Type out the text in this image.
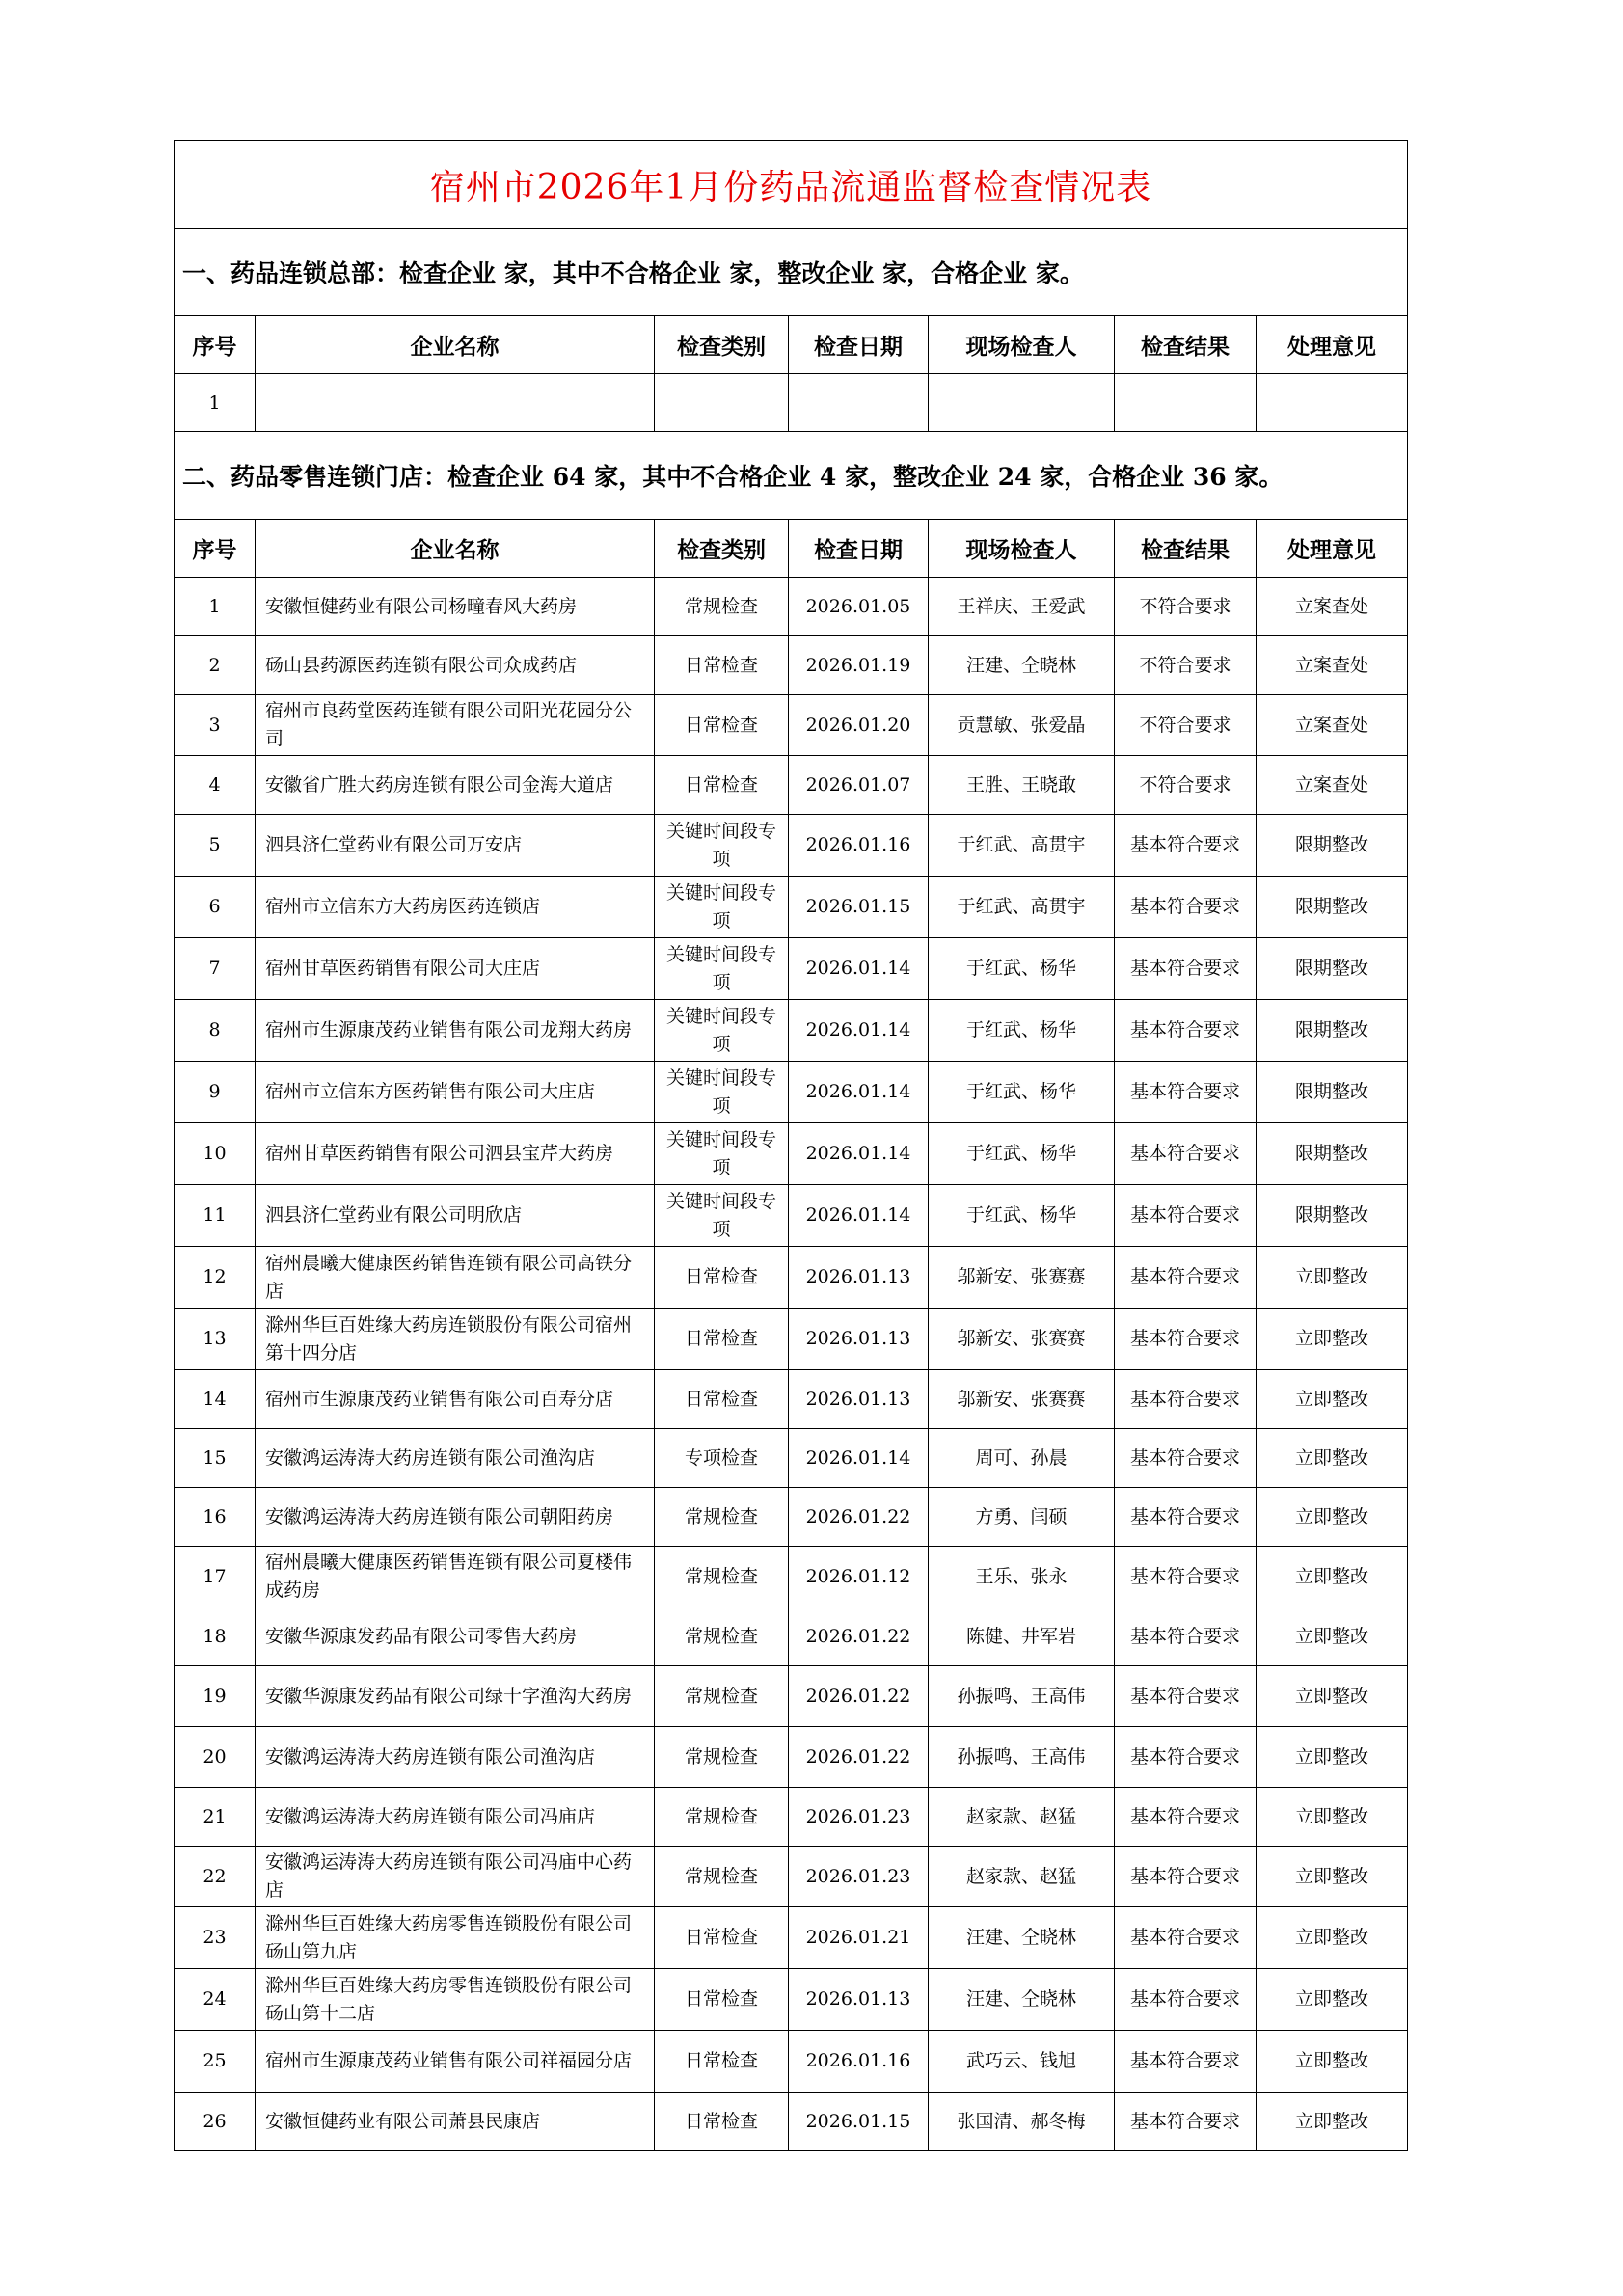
宿州市2026年1月份药品流通监督检查情况表						
一、药品连锁总部：检查企业 家，其中不合格企业 家，整改企业 家，合格企业 家。						
序号	企业名称	检查类别	检查日期	现场检查人	检查结果	处理意见
1						
二、药品零售连锁门店：检查企业 64 家，其中不合格企业 4 家，整改企业 24 家，合格企业 36 家。						
序号	企业名称	检查类别	检查日期	现场检查人	检查结果	处理意见
1	安徽恒健药业有限公司杨疃春风大药房	常规检查	2026.01.05	王祥庆、王爱武	不符合要求	立案查处
2	砀山县药源医药连锁有限公司众成药店	日常检查	2026.01.19	汪建、仝晓林	不符合要求	立案查处
3	宿州市良药堂医药连锁有限公司阳光花园分公司	日常检查	2026.01.20	贡慧敏、张爱晶	不符合要求	立案查处
4	安徽省广胜大药房连锁有限公司金海大道店	日常检查	2026.01.07	王胜、王晓敢	不符合要求	立案查处
5	泗县济仁堂药业有限公司万安店	关键时间段专项	2026.01.16	于红武、高贯宇	基本符合要求	限期整改
6	宿州市立信东方大药房医药连锁店	关键时间段专项	2026.01.15	于红武、高贯宇	基本符合要求	限期整改
7	宿州甘草医药销售有限公司大庄店	关键时间段专项	2026.01.14	于红武、杨华	基本符合要求	限期整改
8	宿州市生源康茂药业销售有限公司龙翔大药房	关键时间段专项	2026.01.14	于红武、杨华	基本符合要求	限期整改
9	宿州市立信东方医药销售有限公司大庄店	关键时间段专项	2026.01.14	于红武、杨华	基本符合要求	限期整改
10	宿州甘草医药销售有限公司泗县宝芹大药房	关键时间段专项	2026.01.14	于红武、杨华	基本符合要求	限期整改
11	泗县济仁堂药业有限公司明欣店	关键时间段专项	2026.01.14	于红武、杨华	基本符合要求	限期整改
12	宿州晨曦大健康医药销售连锁有限公司高铁分店	日常检查	2026.01.13	邬新安、张赛赛	基本符合要求	立即整改
13	滁州华巨百姓缘大药房连锁股份有限公司宿州第十四分店	日常检查	2026.01.13	邬新安、张赛赛	基本符合要求	立即整改
14	宿州市生源康茂药业销售有限公司百寿分店	日常检查	2026.01.13	邬新安、张赛赛	基本符合要求	立即整改
15	安徽鸿运涛涛大药房连锁有限公司渔沟店	专项检查	2026.01.14	周可、孙晨	基本符合要求	立即整改
16	安徽鸿运涛涛大药房连锁有限公司朝阳药房	常规检查	2026.01.22	方勇、闫硕	基本符合要求	立即整改
17	宿州晨曦大健康医药销售连锁有限公司夏楼伟成药房	常规检查	2026.01.12	王乐、张永	基本符合要求	立即整改
18	安徽华源康发药品有限公司零售大药房	常规检查	2026.01.22	陈健、井军岩	基本符合要求	立即整改
19	安徽华源康发药品有限公司绿十字渔沟大药房	常规检查	2026.01.22	孙振鸣、王高伟	基本符合要求	立即整改
20	安徽鸿运涛涛大药房连锁有限公司渔沟店	常规检查	2026.01.22	孙振鸣、王高伟	基本符合要求	立即整改
21	安徽鸿运涛涛大药房连锁有限公司冯庙店	常规检查	2026.01.23	赵家款、赵猛	基本符合要求	立即整改
22	安徽鸿运涛涛大药房连锁有限公司冯庙中心药店	常规检查	2026.01.23	赵家款、赵猛	基本符合要求	立即整改
23	滁州华巨百姓缘大药房零售连锁股份有限公司砀山第九店	日常检查	2026.01.21	汪建、仝晓林	基本符合要求	立即整改
24	滁州华巨百姓缘大药房零售连锁股份有限公司砀山第十二店	日常检查	2026.01.13	汪建、仝晓林	基本符合要求	立即整改
25	宿州市生源康茂药业销售有限公司祥福园分店	日常检查	2026.01.16	武巧云、钱旭	基本符合要求	立即整改
26	安徽恒健药业有限公司萧县民康店	日常检查	2026.01.15	张国清、郝冬梅	基本符合要求	立即整改
